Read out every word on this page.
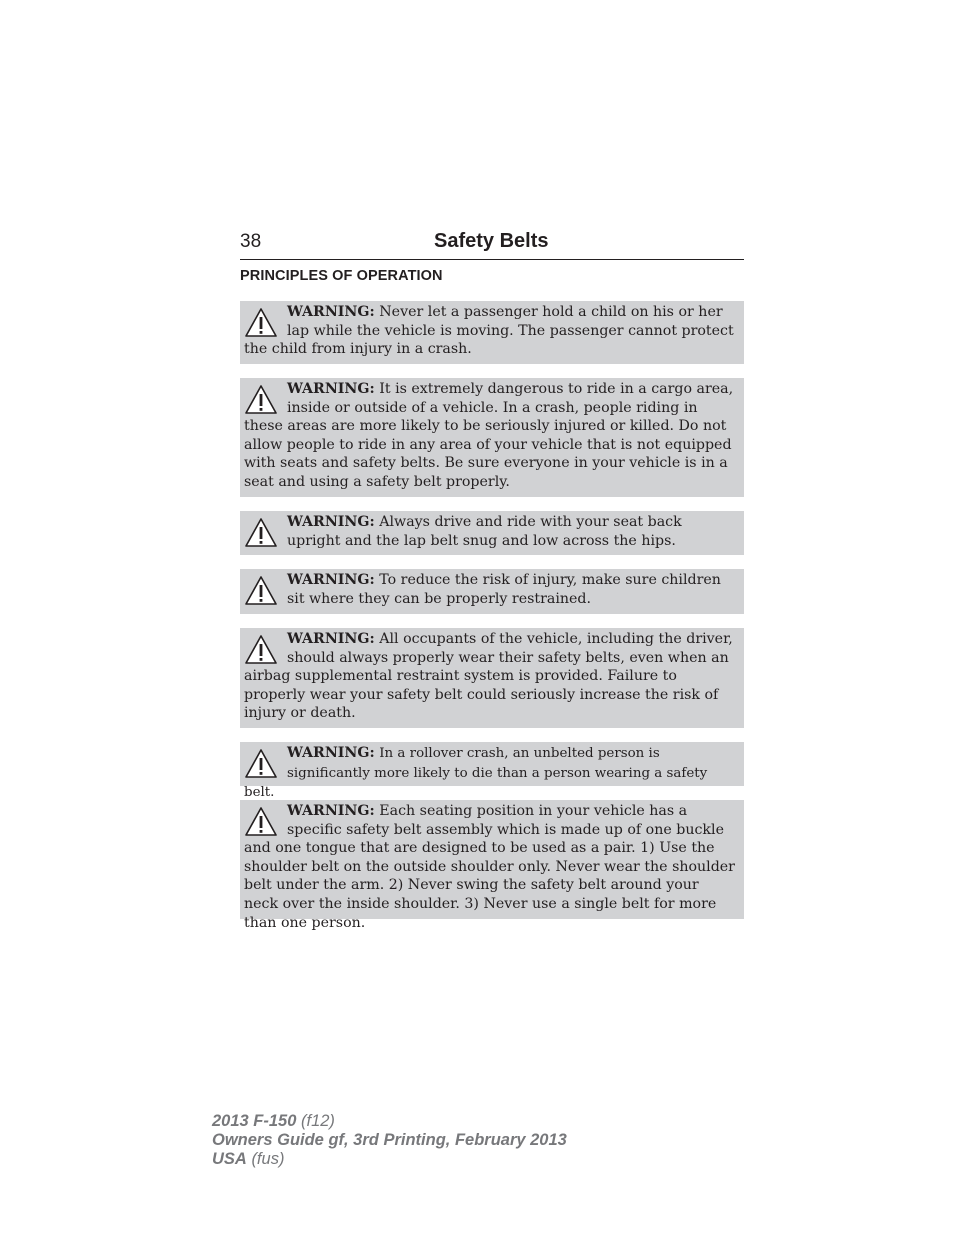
38	Safety Belts
PRINCIPLES OF OPERATION
WARNING: Never let a passenger hold a child on his or her lap while the vehicle is moving. The passenger cannot protect the child from injury in a crash.
WARNING: It is extremely dangerous to ride in a cargo area, inside or outside of a vehicle. In a crash, people riding in these areas are more likely to be seriously injured or killed. Do not allow people to ride in any area of your vehicle that is not equipped with seats and safety belts. Be sure everyone in your vehicle is in a seat and using a safety belt properly.
WARNING: Always drive and ride with your seat back upright and the lap belt snug and low across the hips.
WARNING: To reduce the risk of injury, make sure children sit where they can be properly restrained.
WARNING: All occupants of the vehicle, including the driver, should always properly wear their safety belts, even when an airbag supplemental restraint system is provided. Failure to properly wear your safety belt could seriously increase the risk of injury or death.
WARNING: In a rollover crash, an unbelted person is significantly more likely to die than a person wearing a safety belt.
WARNING: Each seating position in your vehicle has a specific safety belt assembly which is made up of one buckle and one tongue that are designed to be used as a pair. 1) Use the shoulder belt on the outside shoulder only. Never wear the shoulder belt under the arm. 2) Never swing the safety belt around your neck over the inside shoulder. 3) Never use a single belt for more than one person.
2013 F-150 (f12)
Owners Guide gf, 3rd Printing, February 2013
USA (fus)
